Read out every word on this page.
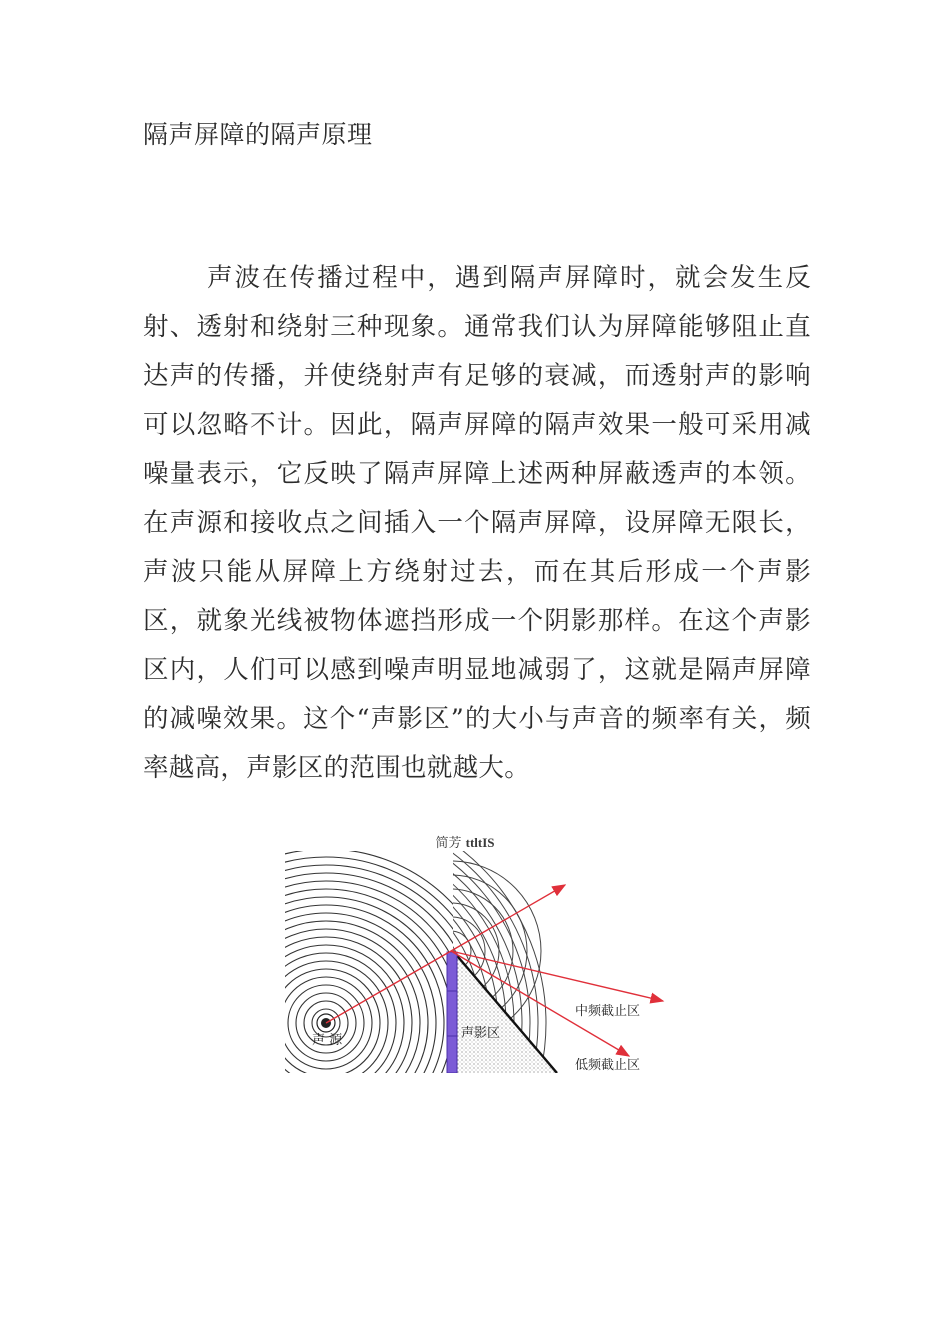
隔声屏障的隔声原理

声波在传播过程中，遇到隔声屏障时，就会发生反射、透射和绕射三种现象。通常我们认为屏障能够阻止直达声的传播，并使绕射声有足够的衰减，而透射声的影响可以忽略不计。因此，隔声屏障的隔声效果一般可采用减噪量表示，它反映了隔声屏障上述两种屏蔽透声的本领。在声源和接收点之间插入一个隔声屏障，设屏障无限长，声波只能从屏障上方绕射过去，而在其后形成一个声影区，就象光线被物体遮挡形成一个阴影那样。在这个声影区内，人们可以感到噪声明显地减弱了，这就是隔声屏障的减噪效果。这个“声影区”的大小与声音的频率有关，频率越高，声影区的范围也就越大。

简芳 ttltIS
声 源	声影区
中频截止区
低频截止区
